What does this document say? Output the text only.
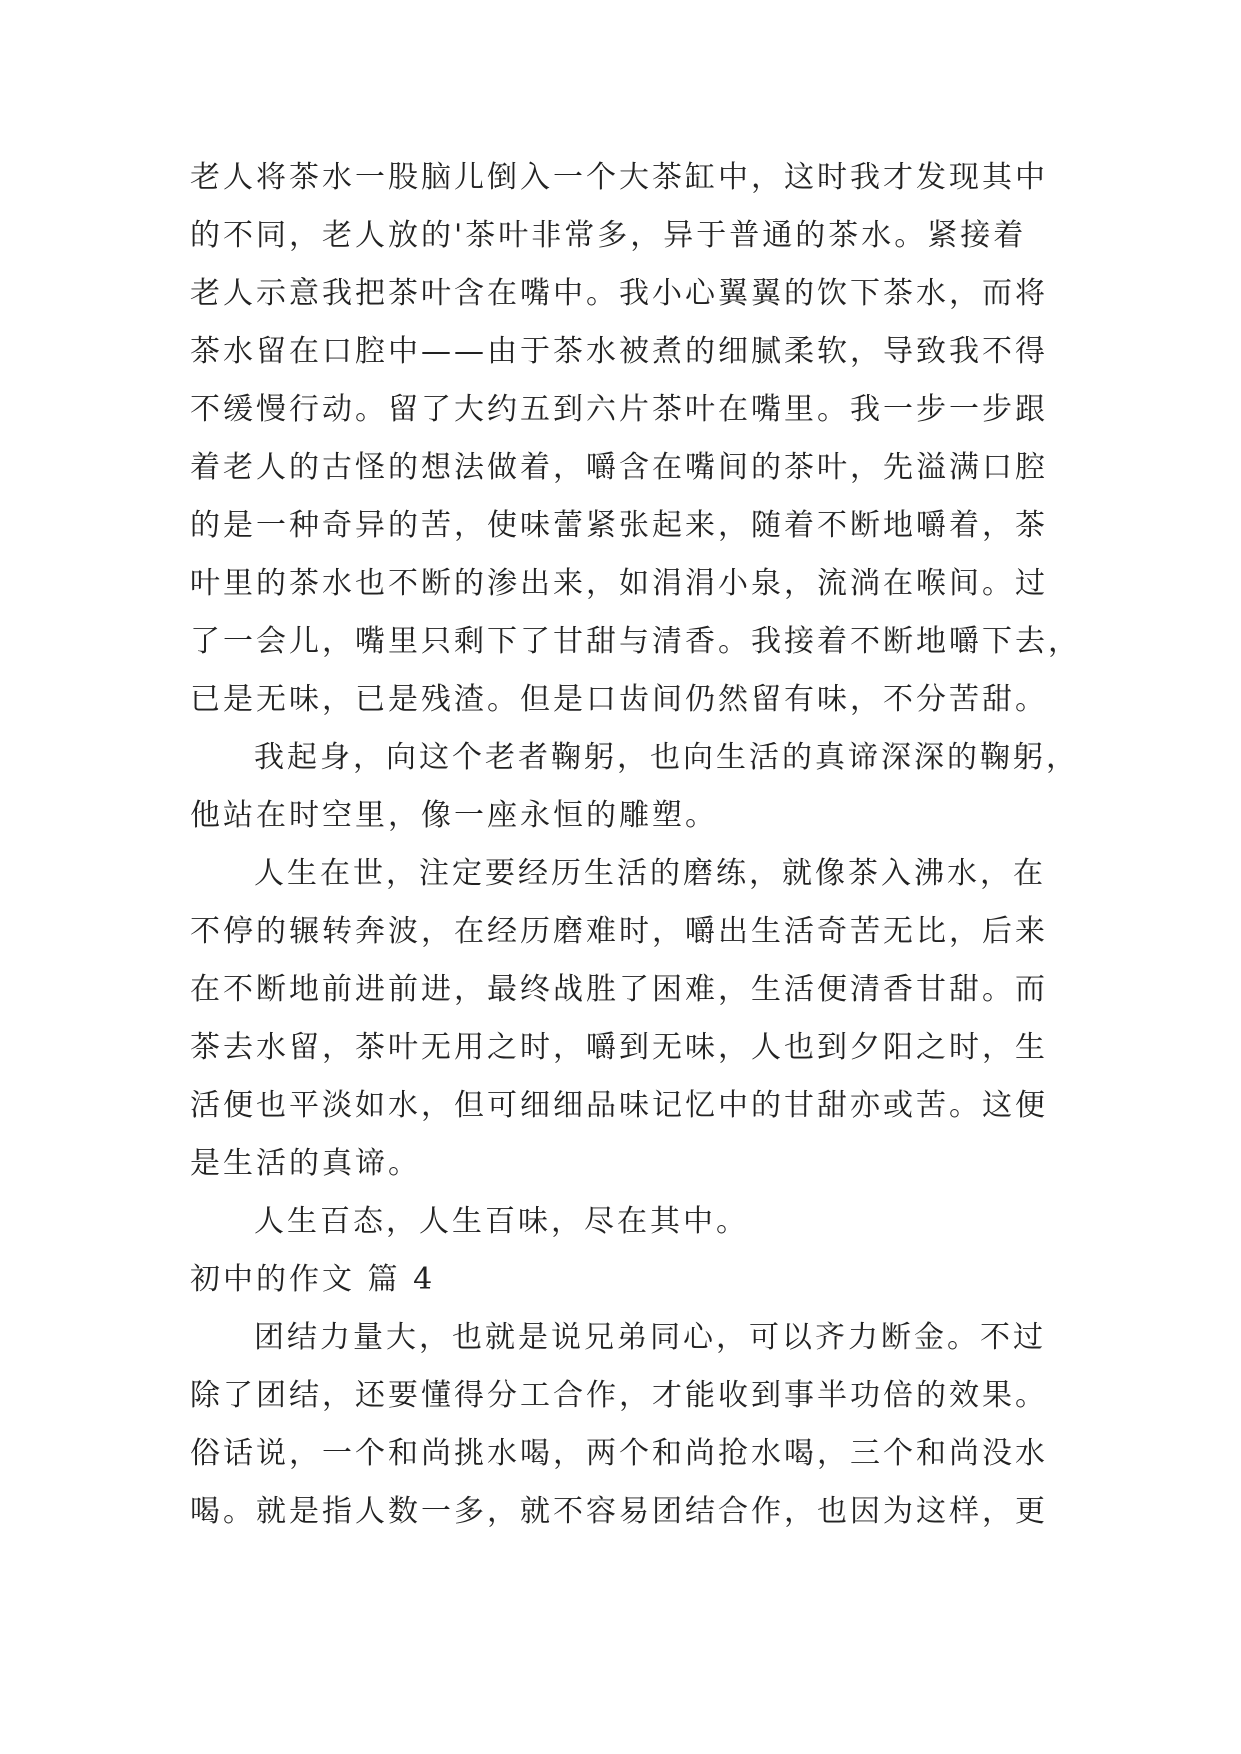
老人将茶水一股脑儿倒入一个大茶缸中，这时我才发现其中
的不同，老人放的'茶叶非常多，异于普通的茶水。紧接着
老人示意我把茶叶含在嘴中。我小心翼翼的饮下茶水，而将
茶水留在口腔中——由于茶水被煮的细腻柔软，导致我不得
不缓慢行动。留了大约五到六片茶叶在嘴里。我一步一步跟
着老人的古怪的想法做着，嚼含在嘴间的茶叶，先溢满口腔
的是一种奇异的苦，使味蕾紧张起来，随着不断地嚼着，茶
叶里的茶水也不断的渗出来，如涓涓小泉，流淌在喉间。过
了一会儿，嘴里只剩下了甘甜与清香。我接着不断地嚼下去，
已是无味，已是残渣。但是口齿间仍然留有味，不分苦甜。
我起身，向这个老者鞠躬，也向生活的真谛深深的鞠躬，
他站在时空里，像一座永恒的雕塑。
人生在世，注定要经历生活的磨练，就像茶入沸水，在
不停的辗转奔波，在经历磨难时，嚼出生活奇苦无比，后来
在不断地前进前进，最终战胜了困难，生活便清香甘甜。而
茶去水留，茶叶无用之时，嚼到无味，人也到夕阳之时，生
活便也平淡如水，但可细细品味记忆中的甘甜亦或苦。这便
是生活的真谛。
人生百态，人生百味，尽在其中。
初中的作文 篇 4
团结力量大，也就是说兄弟同心，可以齐力断金。不过
除了团结，还要懂得分工合作，才能收到事半功倍的效果。
俗话说，一个和尚挑水喝，两个和尚抢水喝，三个和尚没水
喝。就是指人数一多，就不容易团结合作，也因为这样，更
